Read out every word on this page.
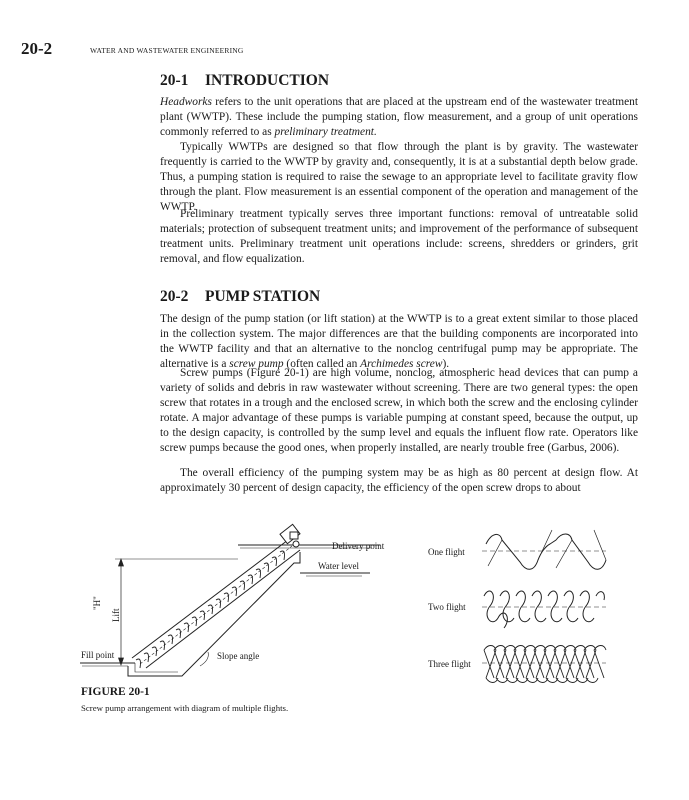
20-2	WATER AND WASTEWATER ENGINEERING
20-1 INTRODUCTION

Headworks refers to the unit operations that are placed at the upstream end of the wastewater treatment plant (WWTP). These include the pumping station, flow measurement, and a group of unit operations commonly referred to as preliminary treatment.

Typically WWTPs are designed so that flow through the plant is by gravity. The wastewater frequently is carried to the WWTP by gravity and, consequently, it is at a substantial depth below grade. Thus, a pumping station is required to raise the sewage to an appropriate level to facilitate gravity flow through the plant. Flow measurement is an essential component of the operation and management of the WWTP.

Preliminary treatment typically serves three important functions: removal of untreatable solid materials; protection of subsequent treatment units; and improvement of the performance of subsequent treatment units. Preliminary treatment unit operations include: screens, shredders or grinders, grit removal, and flow equalization.

20-2 PUMP STATION

The design of the pump station (or lift station) at the WWTP is to a great extent similar to those placed in the collection system. The major differences are that the building components are incorporated into the WWTP facility and that an alternative to the nonclog centrifugal pump may be appropriate. The alternative is a screw pump (often called an Archimedes screw).

Screw pumps (Figure 20-1) are high volume, nonclog, atmospheric head devices that can pump a variety of solids and debris in raw wastewater without screening. There are two general types: the open screw that rotates in a trough and the enclosed screw, in which both the screw and the enclosing cylinder rotate. A major advantage of these pumps is variable pumping at constant speed, because the output, up to the design capacity, is controlled by the sump level and equals the influent flow rate. Operators like screw pumps because the good ones, when properly installed, are nearly trouble free (Garbus, 2006).

The overall efficiency of the pumping system may be as high as 80 percent at design flow. At approximately 30 percent of design capacity, the efficiency of the open screw drops to about

Delivery point
Water level
"H"
Lift
Fill point	Slope angle
One flight
Two flight
Three flight
FIGURE 20-1
Screw pump arrangement with diagram of multiple flights.
